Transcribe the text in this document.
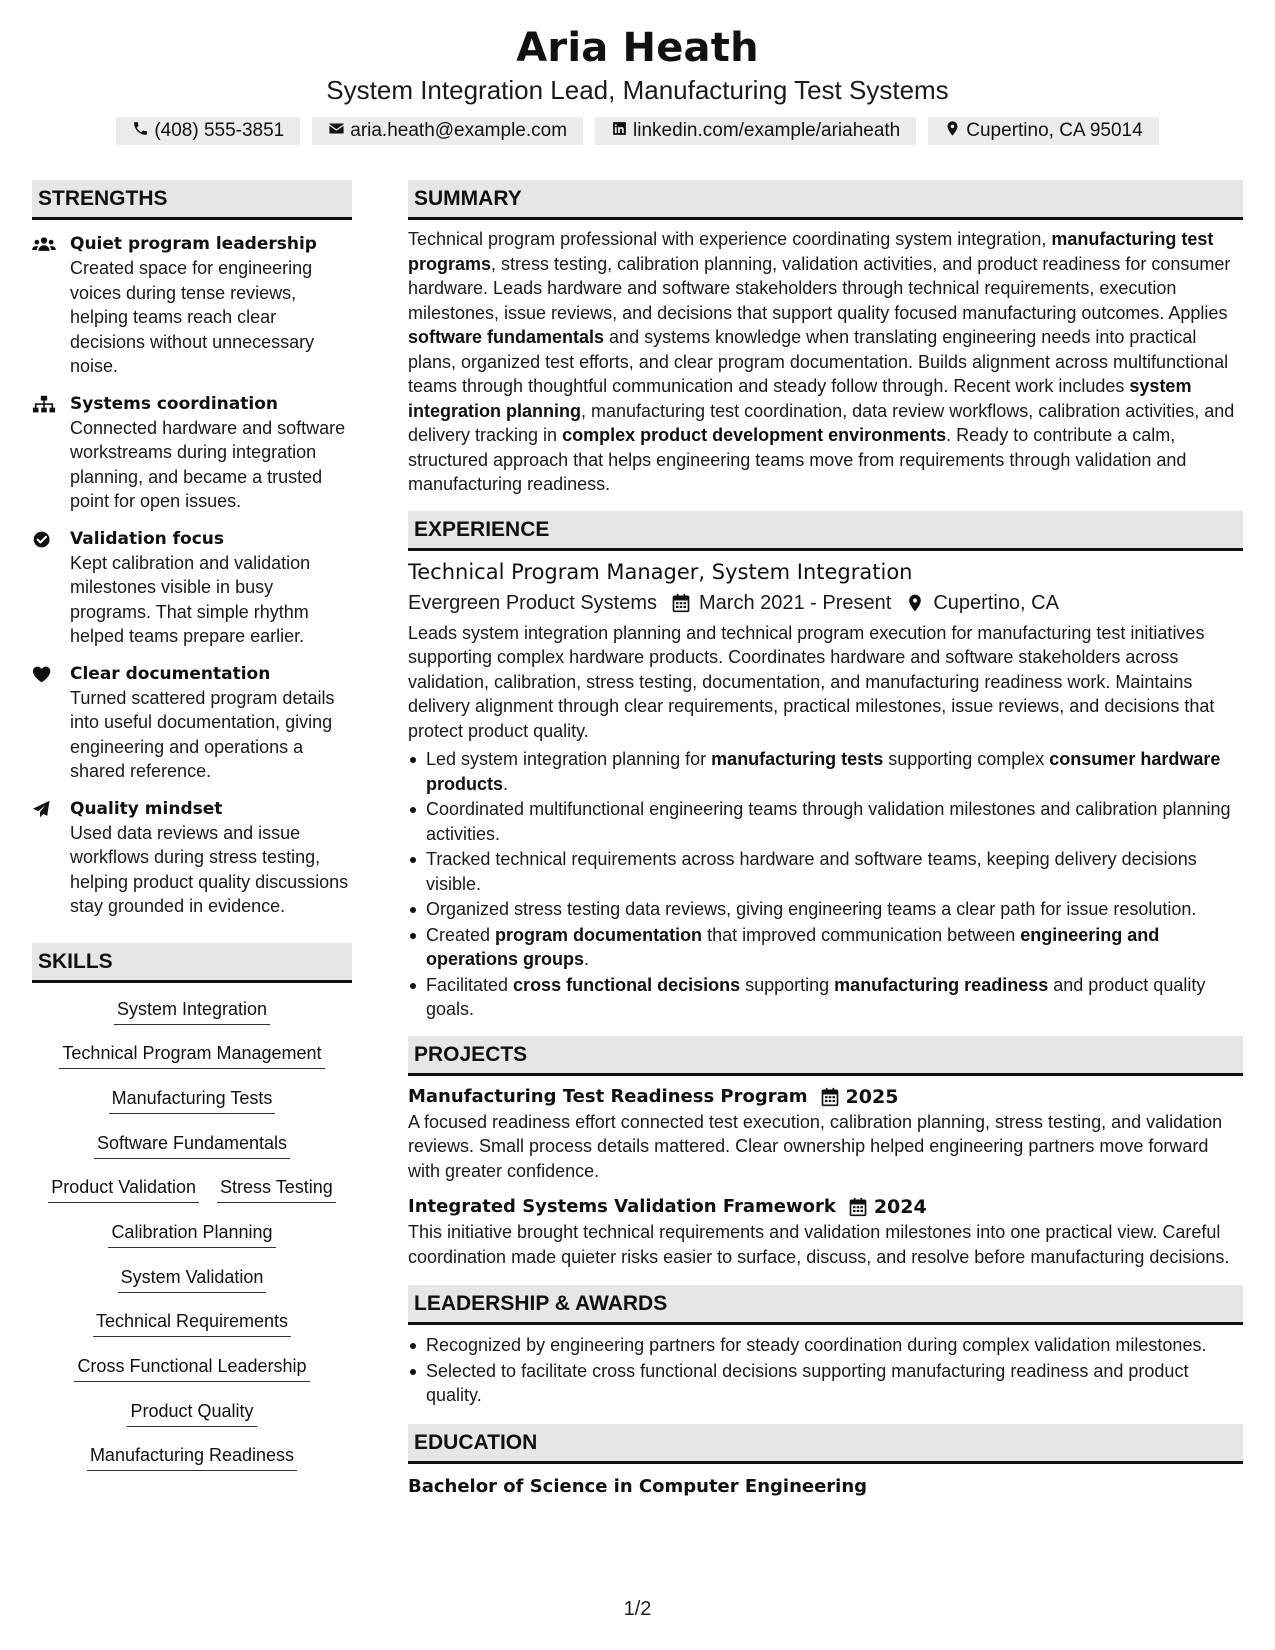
Aria Heath
System Integration Lead, Manufacturing Test Systems
(408) 555-3851	aria.heath@example.com	linkedin.com/example/ariaheath	Cupertino, CA 95014
STRENGTHS
Quiet program leadership
Created space for engineering voices during tense reviews, helping teams reach clear decisions without unnecessary noise.
Systems coordination
Connected hardware and software workstreams during integration planning, and became a trusted point for open issues.
Validation focus
Kept calibration and validation milestones visible in busy programs. That simple rhythm helped teams prepare earlier.
Clear documentation
Turned scattered program details into useful documentation, giving engineering and operations a shared reference.
Quality mindset
Used data reviews and issue workflows during stress testing, helping product quality discussions stay grounded in evidence.
SKILLS
System Integration
Technical Program Management
Manufacturing Tests
Software Fundamentals
Product Validation Stress Testing
Calibration Planning
System Validation
Technical Requirements
Cross Functional Leadership
Product Quality
Manufacturing Readiness
SUMMARY

Technical program professional with experience coordinating system integration, manufacturing test programs, stress testing, calibration planning, validation activities, and product readiness for consumer hardware. Leads hardware and software stakeholders through technical requirements, execution milestones, issue reviews, and decisions that support quality focused manufacturing outcomes. Applies software fundamentals and systems knowledge when translating engineering needs into practical plans, organized test efforts, and clear program documentation. Builds alignment across multifunctional teams through thoughtful communication and steady follow through. Recent work includes system integration planning, manufacturing test coordination, data review workflows, calibration activities, and delivery tracking in complex product development environments. Ready to contribute a calm, structured approach that helps engineering teams move from requirements through validation and manufacturing readiness.

EXPERIENCE
Technical Program Manager, System Integration
Evergreen Product Systems March 2021 - Present Cupertino, CA

Leads system integration planning and technical program execution for manufacturing test initiatives supporting complex hardware products. Coordinates hardware and software stakeholders across validation, calibration, stress testing, documentation, and manufacturing readiness work. Maintains delivery alignment through clear requirements, practical milestones, issue reviews, and decisions that protect product quality.

Led system integration planning for manufacturing tests supporting complex consumer hardware products.
Coordinated multifunctional engineering teams through validation milestones and calibration planning activities.
Tracked technical requirements across hardware and software teams, keeping delivery decisions visible.
Organized stress testing data reviews, giving engineering teams a clear path for issue resolution.
Created program documentation that improved communication between engineering and operations groups.
Facilitated cross functional decisions supporting manufacturing readiness and product quality goals.
PROJECTS
Manufacturing Test Readiness Program 2025

A focused readiness effort connected test execution, calibration planning, stress testing, and validation reviews. Small process details mattered. Clear ownership helped engineering partners move forward with greater confidence.

Integrated Systems Validation Framework 2024

This initiative brought technical requirements and validation milestones into one practical view. Careful coordination made quieter risks easier to surface, discuss, and resolve before manufacturing decisions.

LEADERSHIP & AWARDS
Recognized by engineering partners for steady coordination during complex validation milestones.
Selected to facilitate cross functional decisions supporting manufacturing readiness and product quality.
EDUCATION
Bachelor of Science in Computer Engineering
1/2
